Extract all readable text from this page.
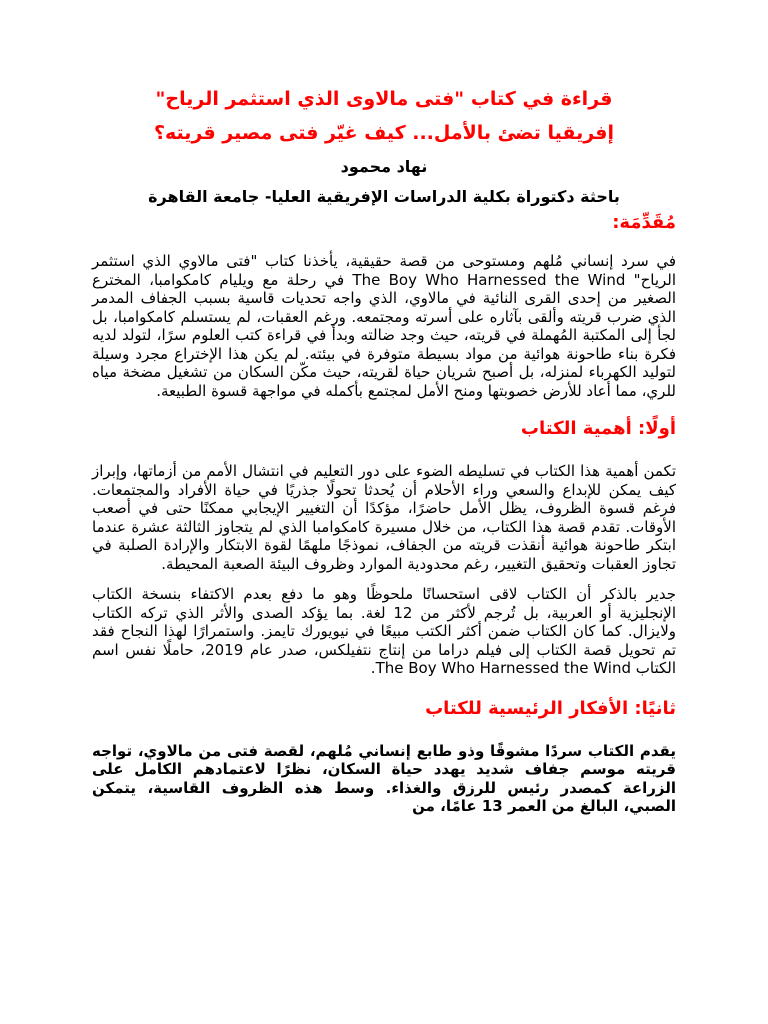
قراءة في كتاب "فتى مالاوى الذي استثمر الرياح"
إفريقيا تضئ بالأمل... كيف غيّر فتى مصير قريته؟

نهاد محمود

باحثة دكتوراة بكلية الدراسات الإفريقية العليا- جامعة القاهرة

مُقَدِّمَة:

في سرد إنساني مُلهم ومستوحى من قصة حقيقية، يأخذنا كتاب "فتى مالاوي الذي استثمر الرياح" The Boy Who Harnessed the Wind في رحلة مع ويليام كامكوامبا، المخترع الصغير من إحدى القرى النائية في مالاوي، الذي واجه تحديات قاسية بسبب الجفاف المدمر الذي ضرب قريته وألقى بآثاره على أسرته ومجتمعه. ورغم العقبات، لم يستسلم كامكوامبا، بل لجأ إلى المكتبة المُهملة في قريته، حيث وجد ضالته وبدأ في قراءة كتب العلوم سرًا، لتولد لديه فكرة بناء طاحونة هوائية من مواد بسيطة متوفرة في بيئته. لم يكن هذا الإختراع مجرد وسيلة لتوليد الكهرباء لمنزله، بل أصبح شريان حياة لقريته، حيث مكّن السكان من تشغيل مضخة مياه للري، مما أعاد للأرض خصوبتها ومنح الأمل لمجتمع بأكمله في مواجهة قسوة الطبيعة.

أولًا: أهمية الكتاب

تكمن أهمية هذا الكتاب في تسليطه الضوء على دور التعليم في انتشال الأمم من أزماتها، وإبراز كيف يمكن للإبداع والسعي وراء الأحلام أن يُحدثا تحولًا جذريًا في حياة الأفراد والمجتمعات. فرغم قسوة الظروف، يظل الأمل حاضرًا، مؤكدًا أن التغيير الإيجابي ممكنًا حتى في أصعب الأوقات. تقدم قصة هذا الكتاب، من خلال مسيرة كامكوامبا الذي لم يتجاوز الثالثة عشرة عندما ابتكر طاحونة هوائية أنقذت قريته من الجفاف، نموذجًا ملهمًا لقوة الابتكار والإرادة الصلبة في تجاوز العقبات وتحقيق التغيير، رغم محدودية الموارد وظروف البيئة الصعبة المحيطة.

جدير بالذكر أن الكتاب لاقى استحسانًا ملحوظًا وهو ما دفع بعدم الاكتفاء بنسخة الكتاب الإنجليزية أو العربية، بل تُرجم لأكثر من 12 لغة. بما يؤكد الصدى والأثر الذي تركه الكتاب ولايزال. كما كان الكتاب ضمن أكثر الكتب مبيعًا في نيويورك تايمز. واستمرارًا لهذا النجاح فقد تم تحويل قصة الكتاب إلى فيلم دراما من إنتاج نتفيلكس، صدر عام 2019، حاملًا نفس اسم الكتاب The Boy Who Harnessed the Wind.

ثانيًا: الأفكار الرئيسية للكتاب

يقدم الكتاب سردًا مشوقًا وذو طابع إنساني مُلهم، لقصة فتى من مالاوي، تواجه قريته موسم جفاف شديد يهدد حياة السكان، نظرًا لاعتمادهم الكامل على الزراعة كمصدر رئيس للرزق والغذاء. وسط هذه الظروف القاسية، يتمكن الصبي، البالغ من العمر 13 عامًا، من
